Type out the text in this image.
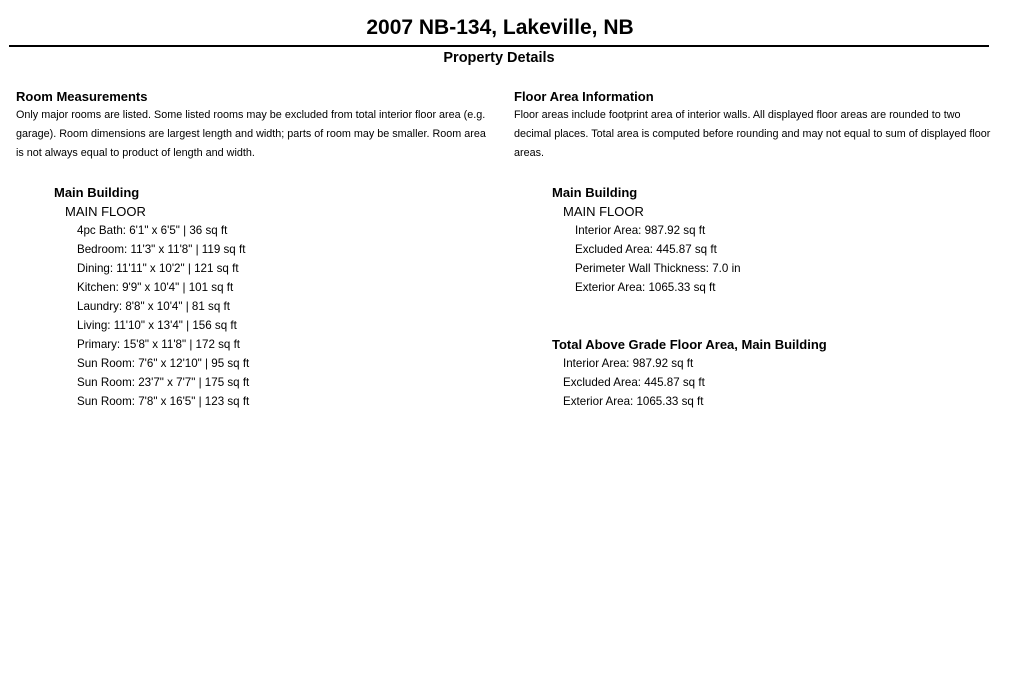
2007 NB-134, Lakeville, NB
Property Details
Room Measurements
Only major rooms are listed. Some listed rooms may be excluded from total interior floor area (e.g. garage). Room dimensions are largest length and width; parts of room may be smaller. Room area is not always equal to product of length and width.
Main Building
MAIN FLOOR
4pc Bath: 6'1" x 6'5" | 36 sq ft
Bedroom: 11'3" x 11'8" | 119 sq ft
Dining: 11'11" x 10'2" | 121 sq ft
Kitchen: 9'9" x 10'4" | 101 sq ft
Laundry: 8'8" x 10'4" | 81 sq ft
Living: 11'10" x 13'4" | 156 sq ft
Primary: 15'8" x 11'8" | 172 sq ft
Sun Room: 7'6" x 12'10" | 95 sq ft
Sun Room: 23'7" x 7'7" | 175 sq ft
Sun Room: 7'8" x 16'5" | 123 sq ft
Floor Area Information
Floor areas include footprint area of interior walls. All displayed floor areas are rounded to two decimal places. Total area is computed before rounding and may not equal to sum of displayed floor areas.
Main Building
MAIN FLOOR
Interior Area: 987.92 sq ft
Excluded Area: 445.87 sq ft
Perimeter Wall Thickness: 7.0 in
Exterior Area: 1065.33 sq ft
Total Above Grade Floor Area, Main Building
Interior Area: 987.92 sq ft
Excluded Area: 445.87 sq ft
Exterior Area: 1065.33 sq ft
